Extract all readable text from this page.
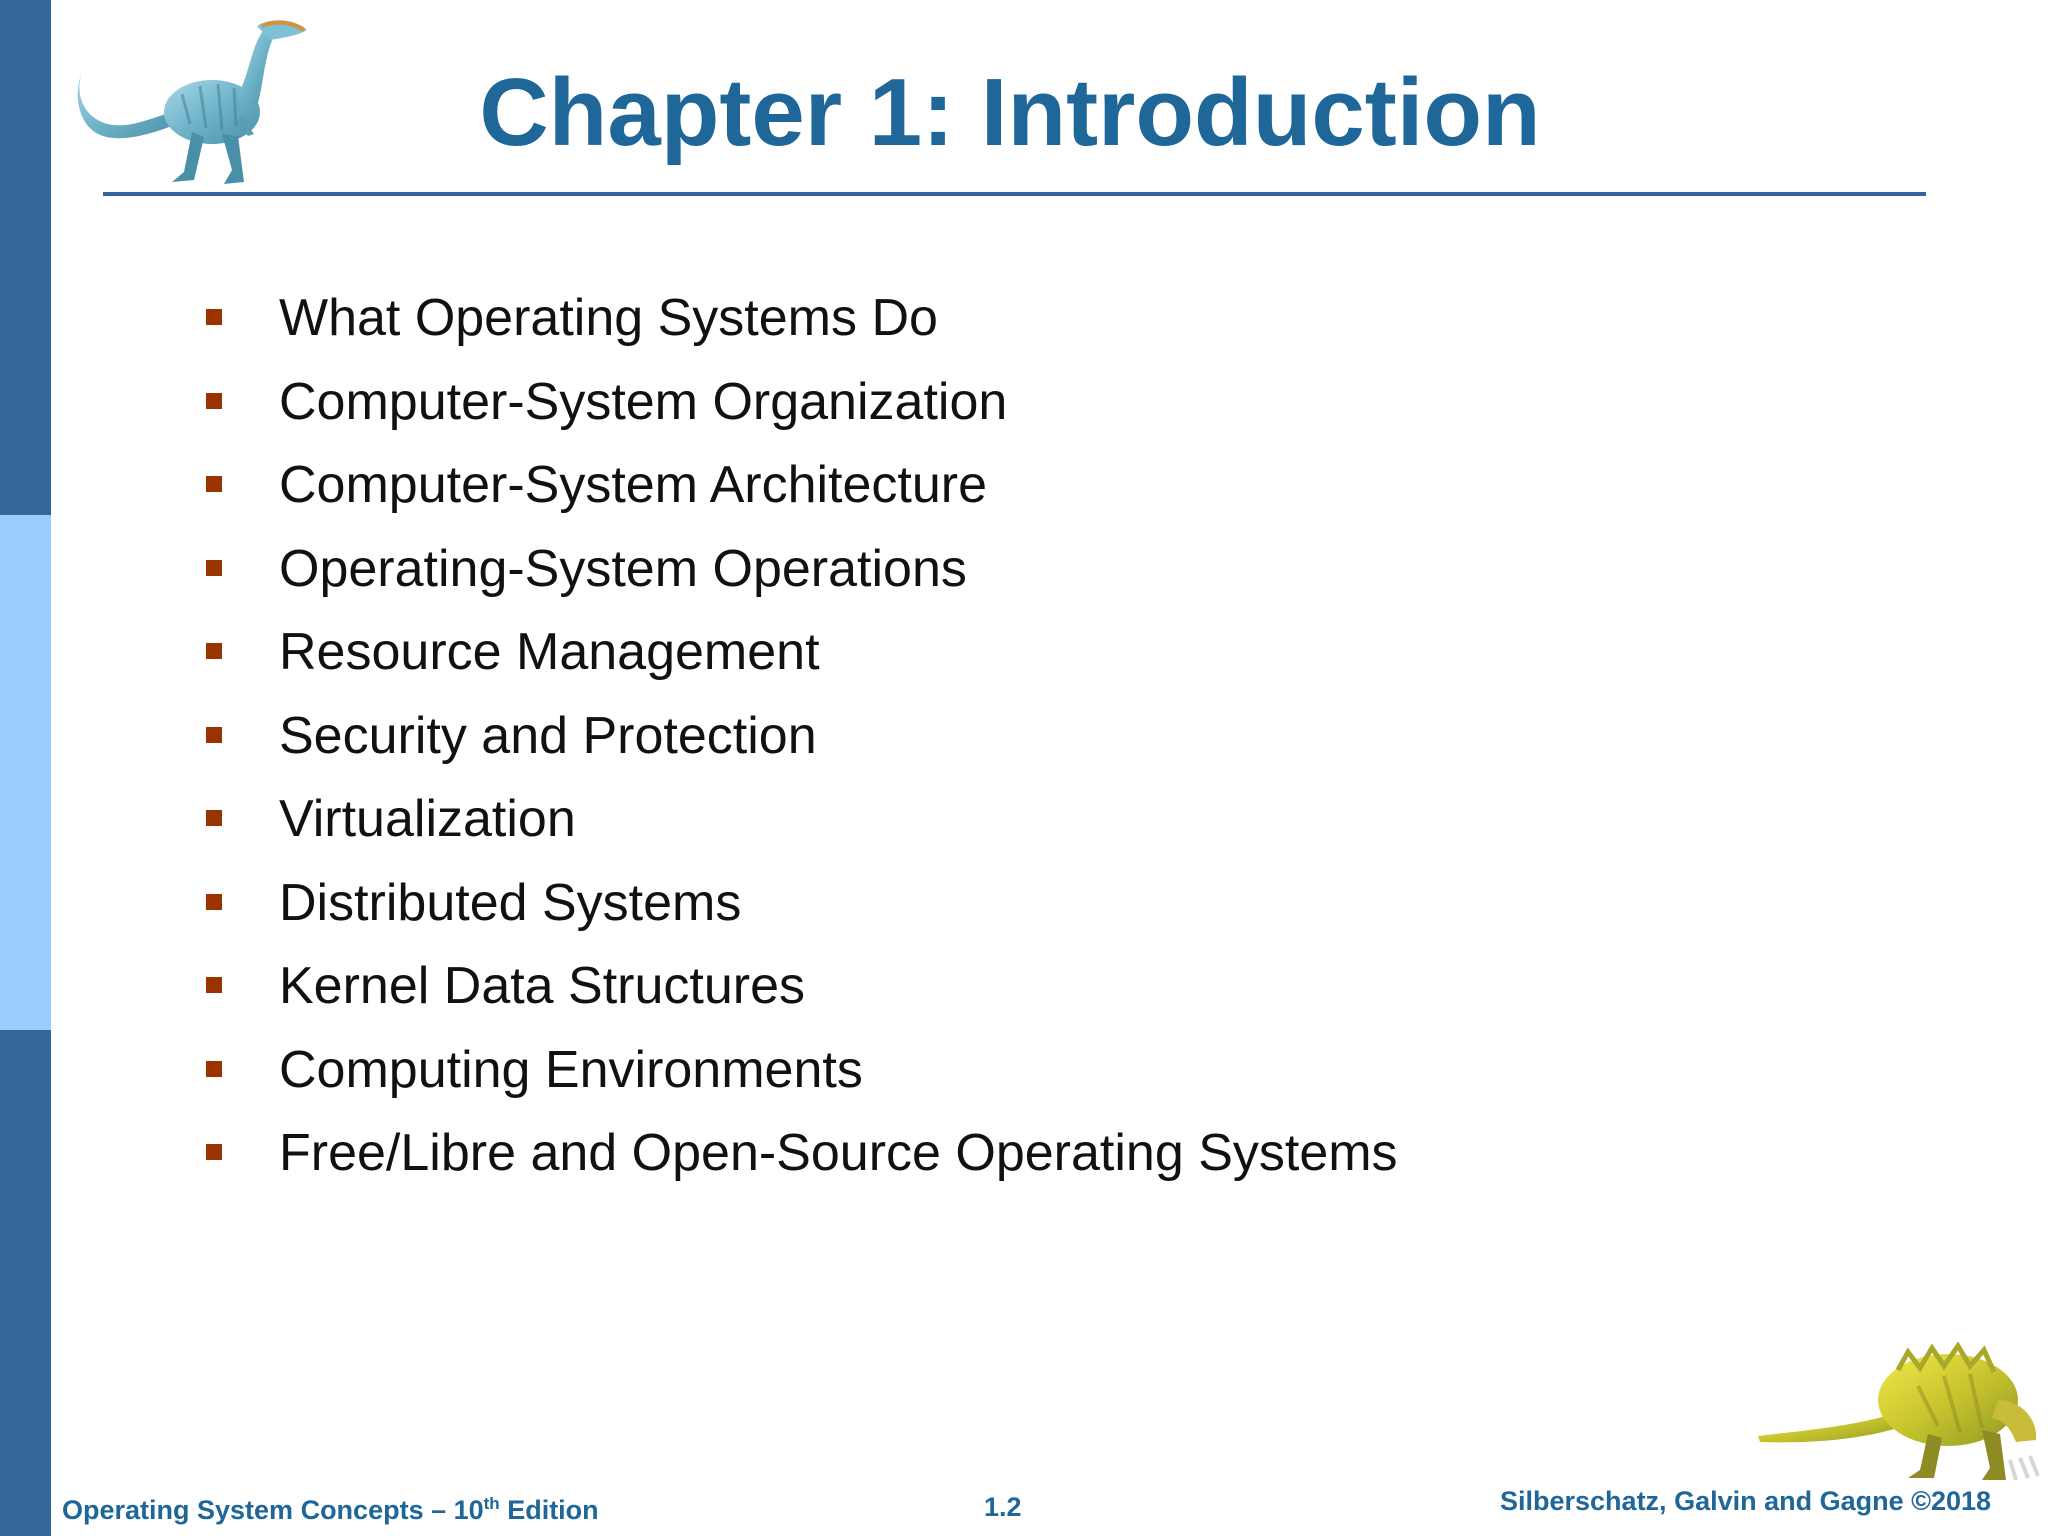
Chapter 1: Introduction
What Operating Systems Do
Computer-System Organization
Computer-System Architecture
Operating-System Operations
Resource Management
Security and Protection
Virtualization
Distributed Systems
Kernel Data Structures
Computing Environments
Free/Libre and Open-Source Operating Systems
Operating System Concepts – 10th Edition	1.2	Silberschatz, Galvin and Gagne ©2018
